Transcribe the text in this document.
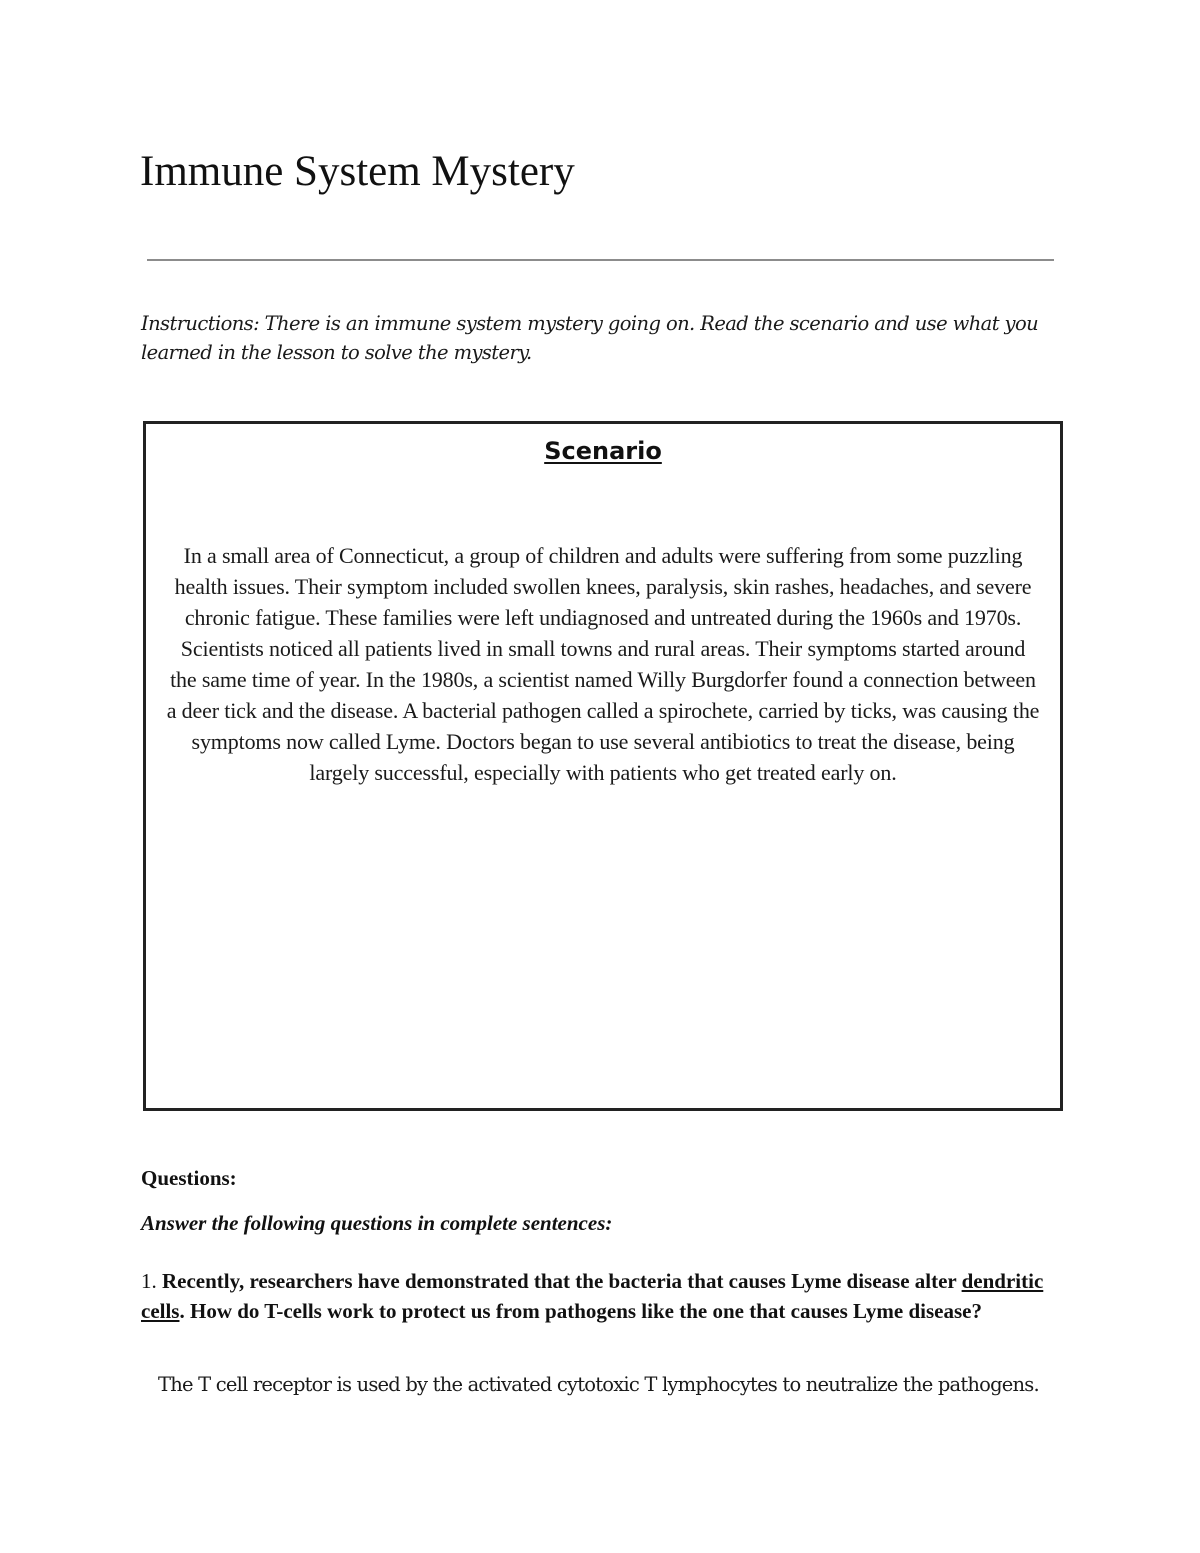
Immune System Mystery

Instructions: There is an immune system mystery going on. Read the scenario and use what you learned in the lesson to solve the mystery.

Scenario

In a small area of Connecticut, a group of children and adults were suffering from some puzzling health issues. Their symptom included swollen knees, paralysis, skin rashes, headaches, and severe chronic fatigue. These families were left undiagnosed and untreated during the 1960s and 1970s. Scientists noticed all patients lived in small towns and rural areas. Their symptoms started around the same time of year. In the 1980s, a scientist named Willy Burgdorfer found a connection between a deer tick and the disease. A bacterial pathogen called a spirochete, carried by ticks, was causing the symptoms now called Lyme. Doctors began to use several antibiotics to treat the disease, being largely successful, especially with patients who get treated early on.

Questions:

Answer the following questions in complete sentences:

1. Recently, researchers have demonstrated that the bacteria that causes Lyme disease alter dendritic cells. How do T-cells work to protect us from pathogens like the one that causes Lyme disease?

The T cell receptor is used by the activated cytotoxic T lymphocytes to neutralize the pathogens.
